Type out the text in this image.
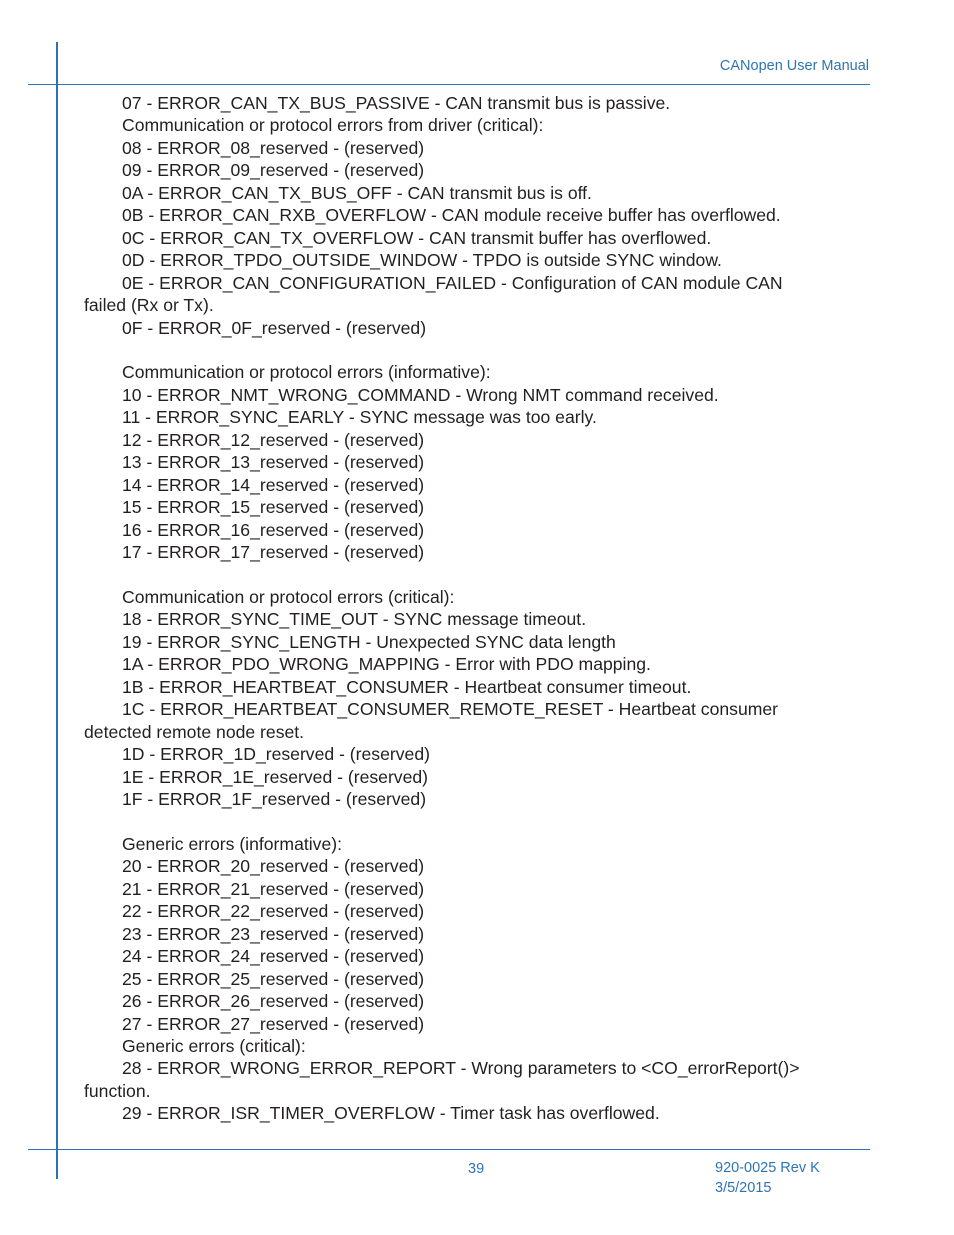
CANopen User Manual
07 - ERROR_CAN_TX_BUS_PASSIVE - CAN transmit bus is passive.
Communication or protocol errors from driver (critical):
08 - ERROR_08_reserved - (reserved)
09 - ERROR_09_reserved - (reserved)
0A - ERROR_CAN_TX_BUS_OFF - CAN transmit bus is off.
0B - ERROR_CAN_RXB_OVERFLOW - CAN module receive buffer has overflowed.
0C - ERROR_CAN_TX_OVERFLOW - CAN transmit buffer has overflowed.
0D - ERROR_TPDO_OUTSIDE_WINDOW - TPDO is outside SYNC window.
0E - ERROR_CAN_CONFIGURATION_FAILED - Configuration of CAN module CAN
failed (Rx or Tx).
0F - ERROR_0F_reserved - (reserved)
Communication or protocol errors (informative):
10 - ERROR_NMT_WRONG_COMMAND - Wrong NMT command received.
11 - ERROR_SYNC_EARLY - SYNC message was too early.
12 - ERROR_12_reserved - (reserved)
13 - ERROR_13_reserved - (reserved)
14 - ERROR_14_reserved - (reserved)
15 - ERROR_15_reserved - (reserved)
16 - ERROR_16_reserved - (reserved)
17 - ERROR_17_reserved - (reserved)
Communication or protocol errors (critical):
18 - ERROR_SYNC_TIME_OUT - SYNC message timeout.
19 - ERROR_SYNC_LENGTH - Unexpected SYNC data length
1A - ERROR_PDO_WRONG_MAPPING - Error with PDO mapping.
1B - ERROR_HEARTBEAT_CONSUMER - Heartbeat consumer timeout.
1C - ERROR_HEARTBEAT_CONSUMER_REMOTE_RESET - Heartbeat consumer
detected remote node reset.
1D - ERROR_1D_reserved - (reserved)
1E - ERROR_1E_reserved - (reserved)
1F - ERROR_1F_reserved - (reserved)
Generic errors (informative):
20 - ERROR_20_reserved - (reserved)
21 - ERROR_21_reserved - (reserved)
22 - ERROR_22_reserved - (reserved)
23 - ERROR_23_reserved - (reserved)
24 - ERROR_24_reserved - (reserved)
25 - ERROR_25_reserved - (reserved)
26 - ERROR_26_reserved - (reserved)
27 - ERROR_27_reserved - (reserved)
Generic errors (critical):
28 - ERROR_WRONG_ERROR_REPORT - Wrong parameters to <CO_errorReport()>
function.
29 - ERROR_ISR_TIMER_OVERFLOW - Timer task has overflowed.
39	920-0025 Rev K
3/5/2015
